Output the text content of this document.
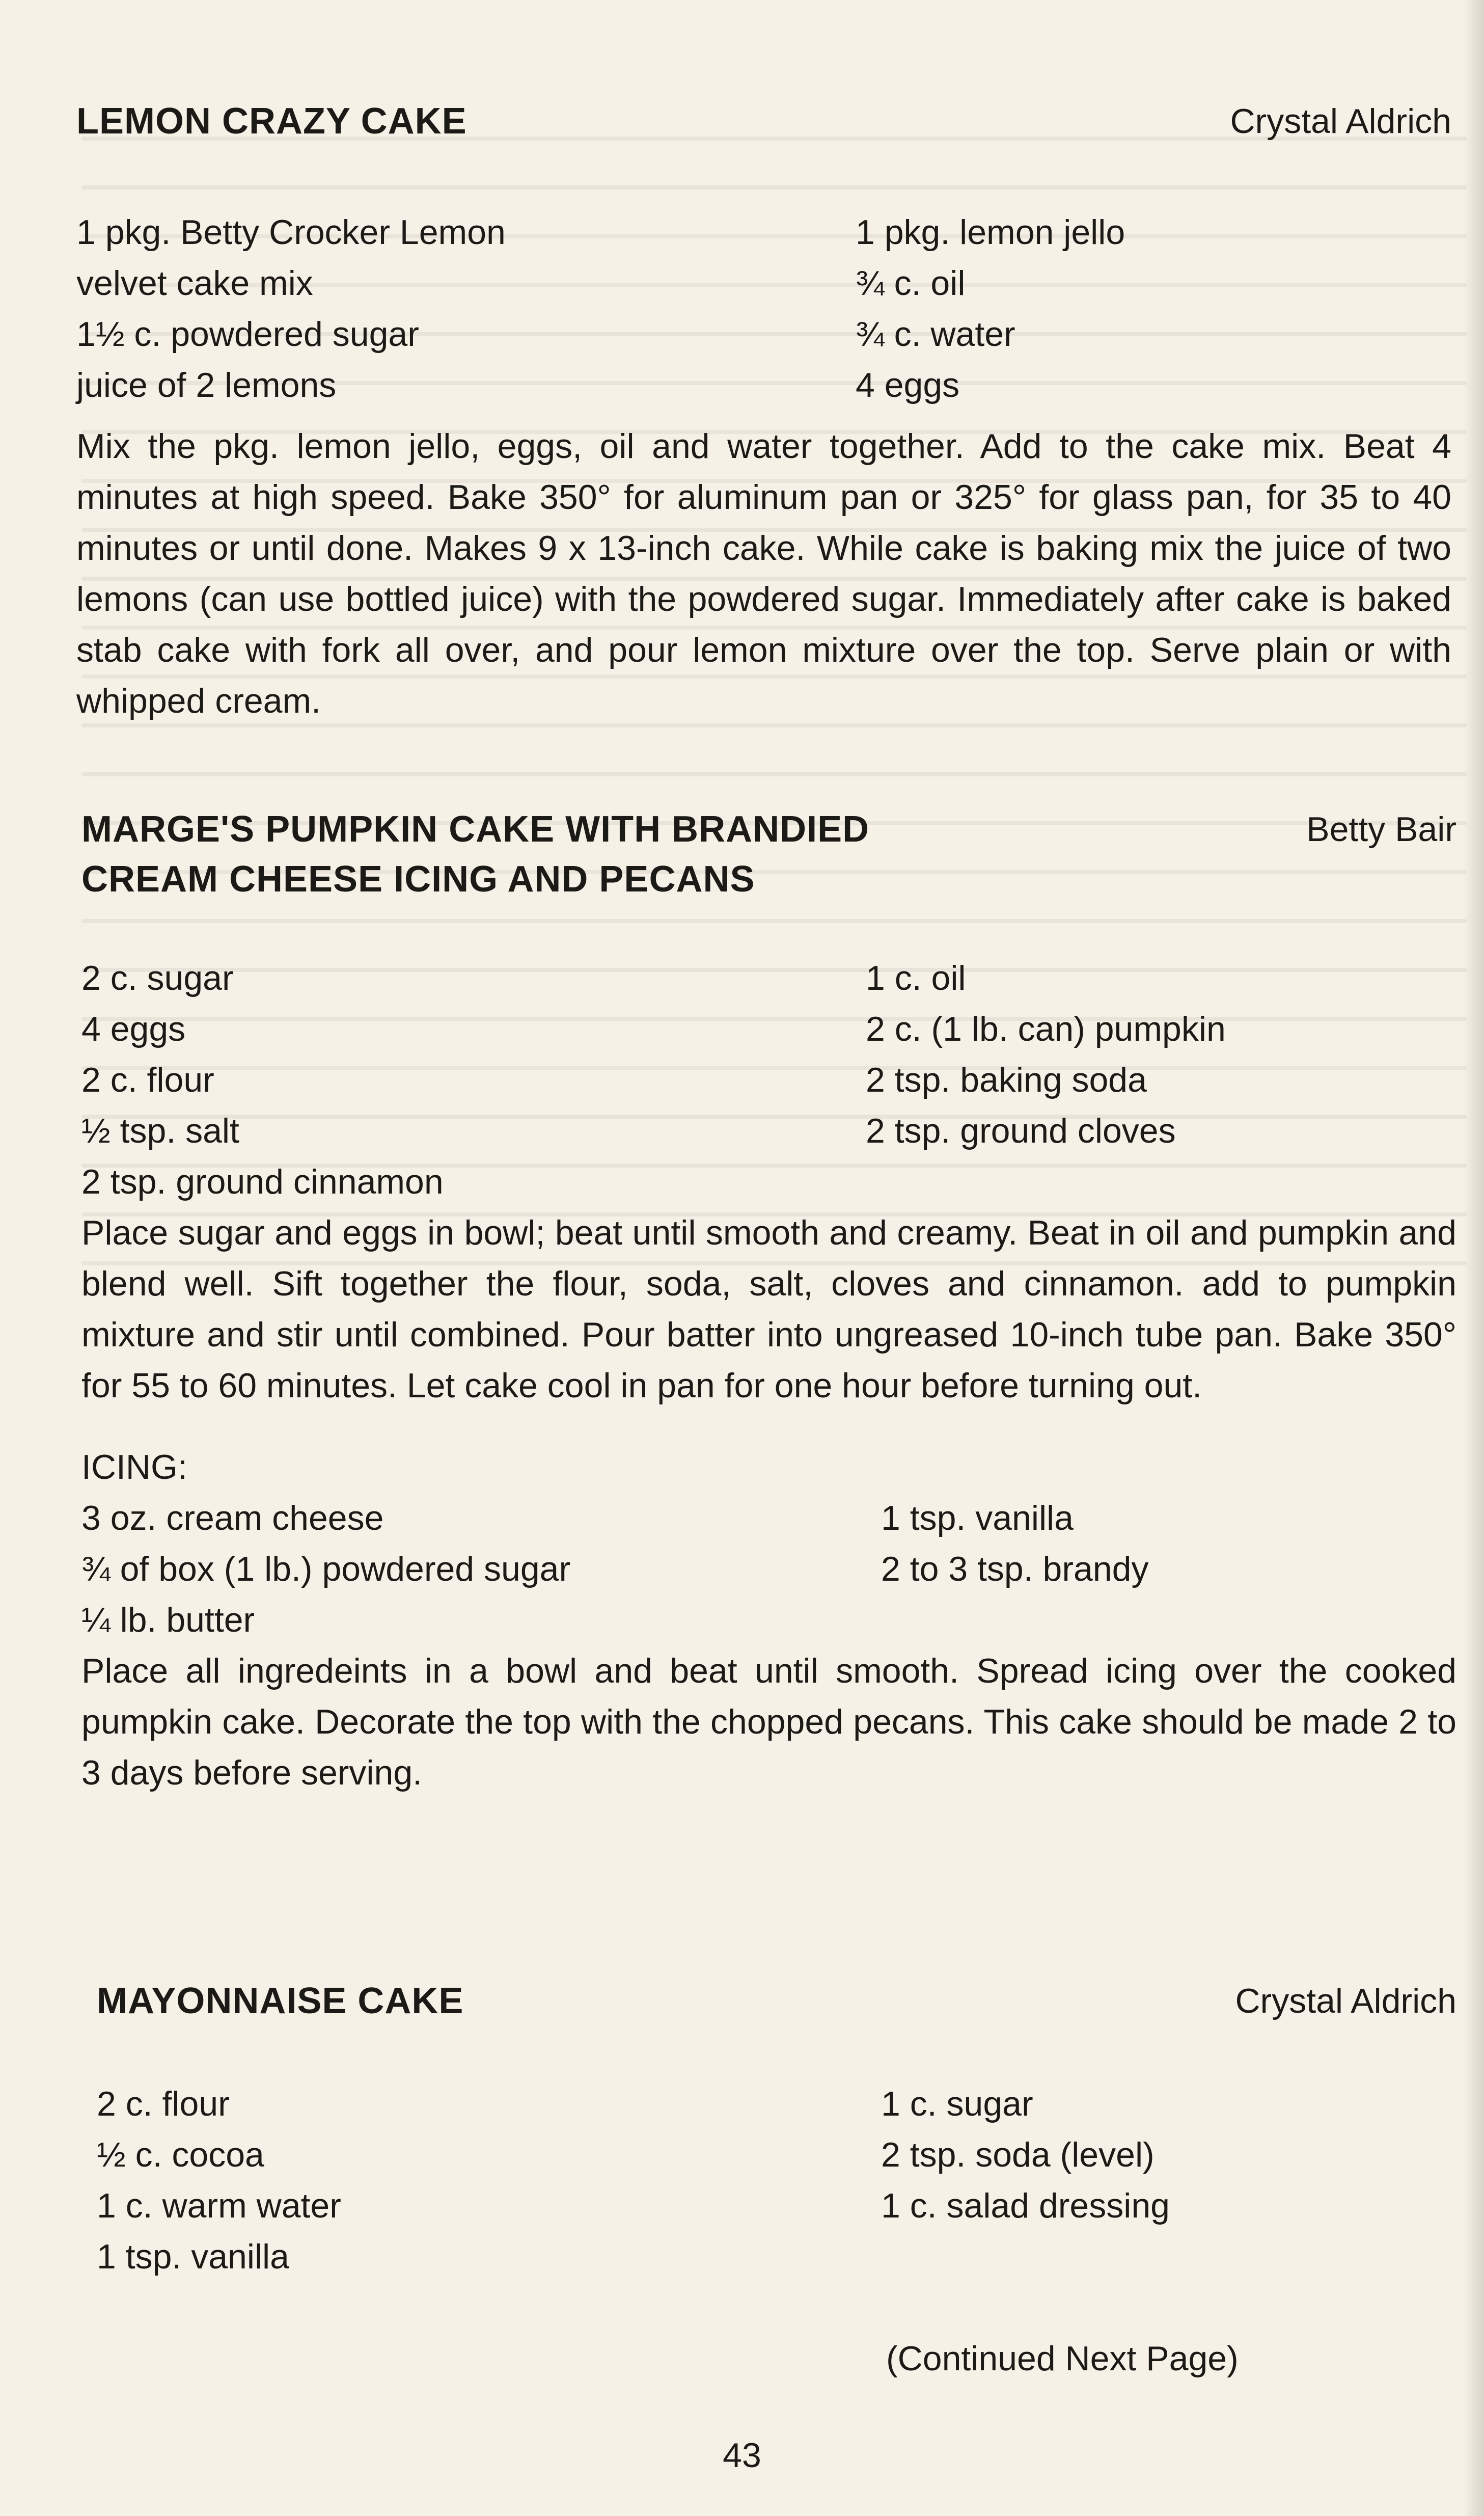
LEMON CRAZY CAKE	Crystal Aldrich
1 pkg. Betty Crocker Lemon
velvet cake mix
1½ c. powdered sugar
juice of 2 lemons
1 pkg. lemon jello
¾ c. oil
¾ c. water
4 eggs
Mix the pkg. lemon jello, eggs, oil and water together. Add to the cake mix. Beat 4 minutes at high speed. Bake 350° for aluminum pan or 325° for glass pan, for 35 to 40 minutes or until done. Makes 9 x 13-inch cake. While cake is baking mix the juice of two lemons (can use bottled juice) with the powdered sugar. Immediately after cake is baked stab cake with fork all over, and pour lemon mixture over the top. Serve plain or with whipped cream.
MARGE'S PUMPKIN CAKE WITH BRANDIED
CREAM CHEESE ICING AND PECANS
Betty Bair
2 c. sugar
4 eggs
2 c. flour
½ tsp. salt
2 tsp. ground cinnamon
1 c. oil
2 c. (1 lb. can) pumpkin
2 tsp. baking soda
2 tsp. ground cloves
Place sugar and eggs in bowl; beat until smooth and creamy. Beat in oil and pumpkin and blend well. Sift together the flour, soda, salt, cloves and cinnamon. add to pumpkin mixture and stir until combined. Pour batter into ungreased 10-inch tube pan. Bake 350° for 55 to 60 minutes. Let cake cool in pan for one hour before turning out.
ICING:
3 oz. cream cheese
¾ of box (1 lb.) powdered sugar
¼ lb. butter
1 tsp. vanilla
2 to 3 tsp. brandy
Place all ingredeints in a bowl and beat until smooth. Spread icing over the cooked pumpkin cake. Decorate the top with the chopped pecans. This cake should be made 2 to 3 days before serving.
MAYONNAISE CAKE	Crystal Aldrich
2 c. flour
½ c. cocoa
1 c. warm water
1 tsp. vanilla
1 c. sugar
2 tsp. soda (level)
1 c. salad dressing
(Continued Next Page)
43
